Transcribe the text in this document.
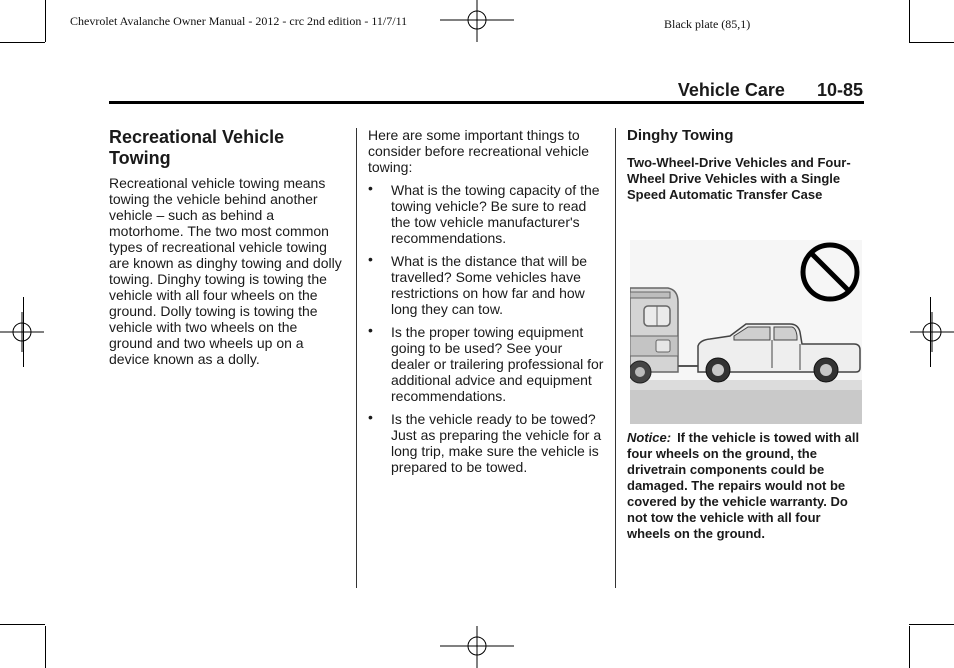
Chevrolet Avalanche Owner Manual - 2012 - crc 2nd edition - 11/7/11	Black plate (85,1)
Vehicle Care 10-85
Recreational Vehicle Towing

Recreational vehicle towing means towing the vehicle behind another vehicle – such as behind a motorhome. The two most common types of recreational vehicle towing are known as dinghy towing and dolly towing. Dinghy towing is towing the vehicle with all four wheels on the ground. Dolly towing is towing the vehicle with two wheels on the ground and two wheels up on a device known as a dolly.

Here are some important things to consider before recreational vehicle towing:

• What is the towing capacity of the towing vehicle? Be sure to read the tow vehicle manufacturer's recommendations.
• What is the distance that will be travelled? Some vehicles have restrictions on how far and how long they can tow.
• Is the proper towing equipment going to be used? See your dealer or trailering professional for additional advice and equipment recommendations.
• Is the vehicle ready to be towed? Just as preparing the vehicle for a long trip, make sure the vehicle is prepared to be towed.
Dinghy Towing

Two-Wheel-Drive Vehicles and Four-Wheel Drive Vehicles with a Single Speed Automatic Transfer Case

Notice: If the vehicle is towed with all four wheels on the ground, the drivetrain components could be damaged. The repairs would not be covered by the vehicle warranty. Do not tow the vehicle with all four wheels on the ground.
